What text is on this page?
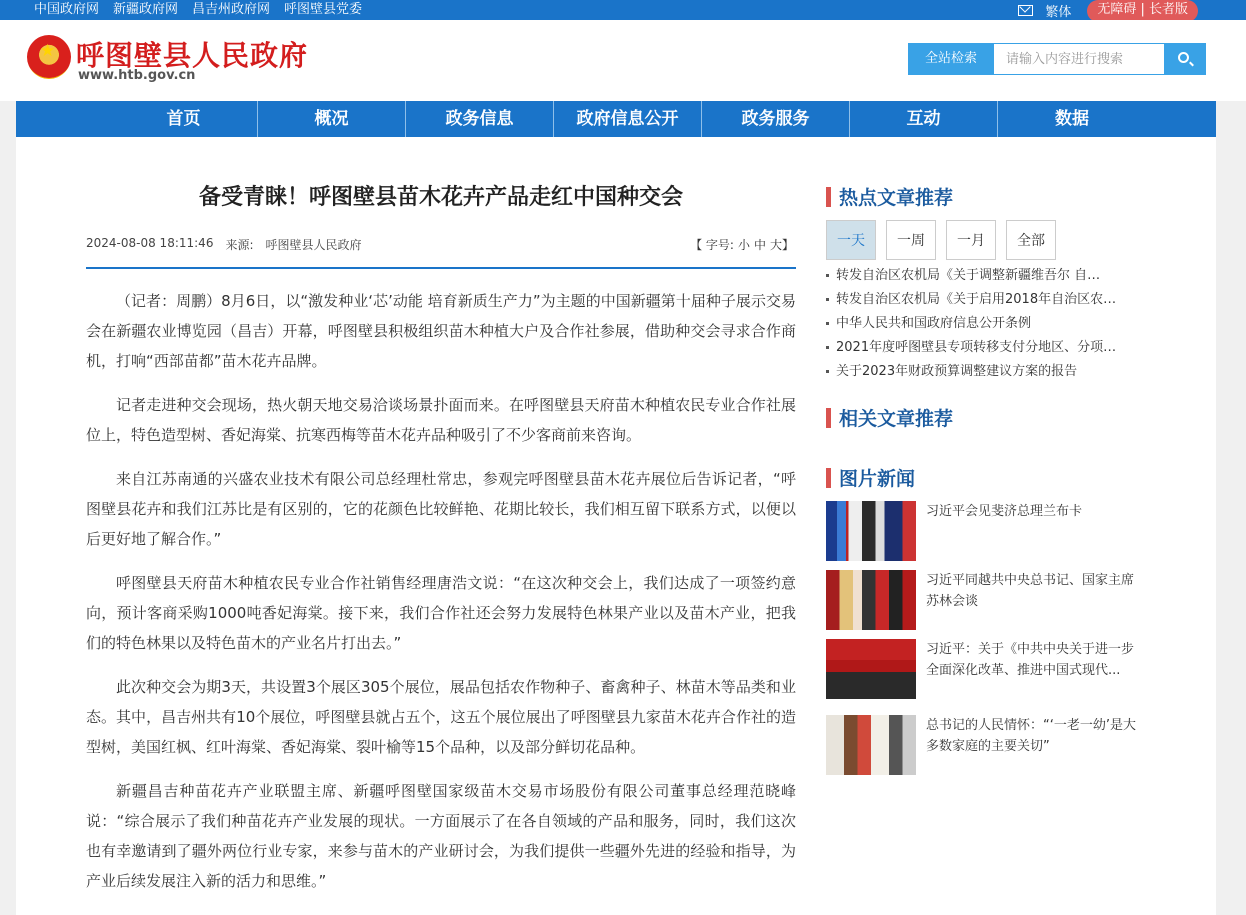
中国政府网 新疆政府网 昌吉州政府网 呼图壁县党委	繁体	无障碍 | 长者版
★
呼图壁县人民政府
www.htb.gov.cn
全站检索
请输入内容进行搜索
首页	概况	政务信息	政府信息公开	政务服务	互动	数据
备受青睐！呼图壁县苗木花卉产品走红中国种交会
2024-08-08 18:11:46 来源: 呼图壁县人民政府	【 字号: 小 中 大】

（记者：周鹏）8月6日，以“激发种业‘芯’动能 培育新质生产力”为主题的中国新疆第十届种子展示交易会在新疆农业博览园（昌吉）开幕，呼图壁县积极组织苗木种植大户及合作社参展，借助种交会寻求合作商机，打响“西部苗都”苗木花卉品牌。

记者走进种交会现场，热火朝天地交易洽谈场景扑面而来。在呼图壁县天府苗木种植农民专业合作社展位上，特色造型树、香妃海棠、抗寒西梅等苗木花卉品种吸引了不少客商前来咨询。

来自江苏南通的兴盛农业技术有限公司总经理杜常忠，参观完呼图壁县苗木花卉展位后告诉记者，“呼图壁县花卉和我们江苏比是有区别的，它的花颜色比较鲜艳、花期比较长，我们相互留下联系方式，以便以后更好地了解合作。”

呼图壁县天府苗木种植农民专业合作社销售经理唐浩文说：“在这次种交会上，我们达成了一项签约意向，预计客商采购1000吨香妃海棠。接下来，我们合作社还会努力发展特色林果产业以及苗木产业，把我们的特色林果以及特色苗木的产业名片打出去。”

此次种交会为期3天，共设置3个展区305个展位，展品包括农作物种子、畜禽种子、林苗木等品类和业态。其中，昌吉州共有10个展位，呼图壁县就占五个，这五个展位展出了呼图壁县九家苗木花卉合作社的造型树，美国红枫、红叶海棠、香妃海棠、裂叶榆等15个品种，以及部分鲜切花品种。

新疆昌吉种苗花卉产业联盟主席、新疆呼图壁国家级苗木交易市场股份有限公司董事总经理范晓峰说：“综合展示了我们种苗花卉产业发展的现状。一方面展示了在各自领域的产品和服务，同时，我们这次也有幸邀请到了疆外两位行业专家，来参与苗木的产业研讨会，为我们提供一些疆外先进的经验和指导，为产业后续发展注入新的活力和思维。”

热点文章推荐
一天	一周	一月	全部
转发自治区农机局《关于调整新疆维吾尔 自…
转发自治区农机局《关于启用2018年自治区农…
中华人民共和国政府信息公开条例
2021年度呼图壁县专项转移支付分地区、分项…
关于2023年财政预算调整建议方案的报告
相关文章推荐
图片新闻
习近平会见斐济总理兰布卡
习近平同越共中央总书记、国家主席苏林会谈
习近平：关于《中共中央关于进一步全面深化改革、推进中国式现代...
总书记的人民情怀：“‘一老一幼’是大多数家庭的主要关切”
